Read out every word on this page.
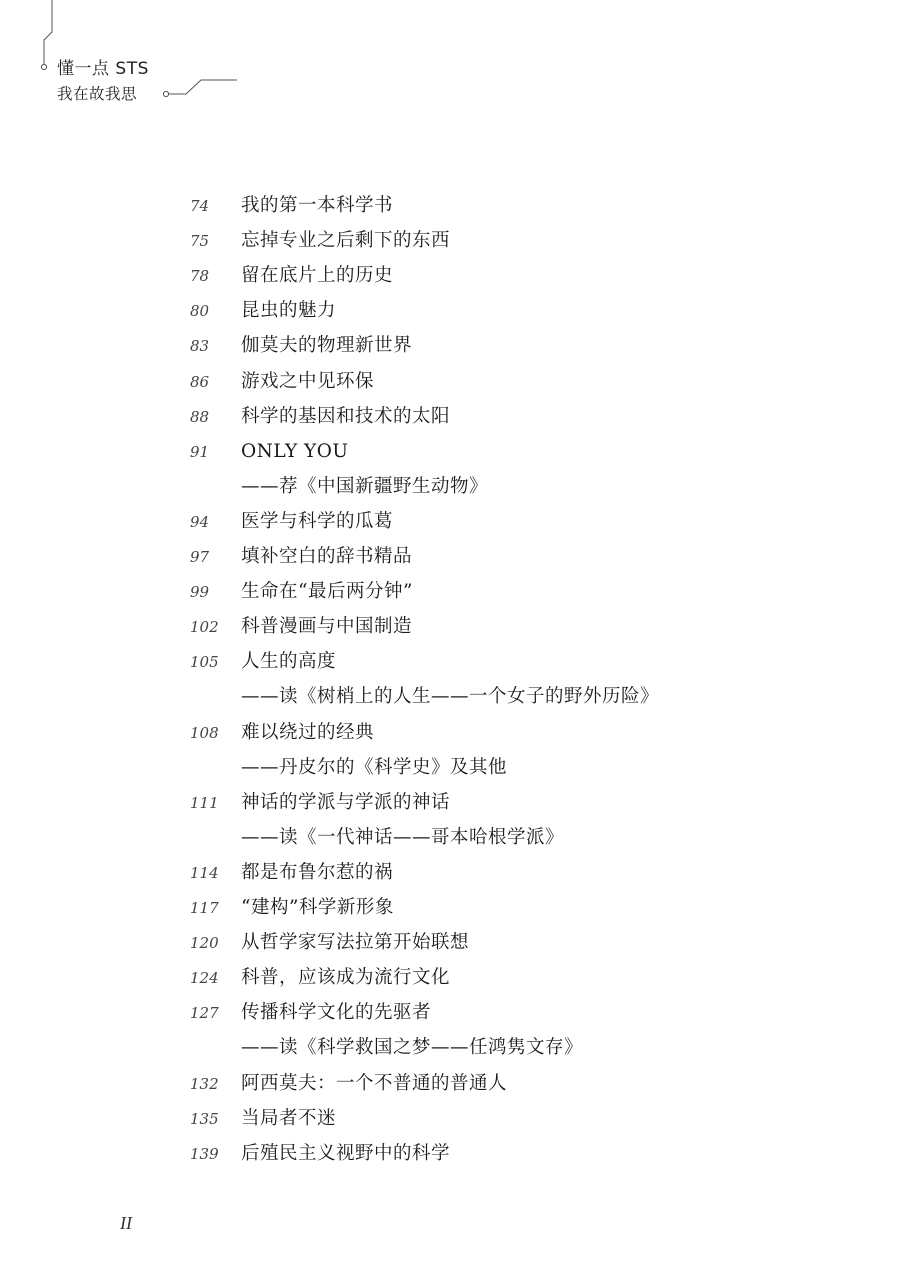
懂一点 STS
我在故我思
74 我的第一本科学书
75 忘掉专业之后剩下的东西
78 留在底片上的历史
80 昆虫的魅力
83 伽莫夫的物理新世界
86 游戏之中见环保
88 科学的基因和技术的太阳
91 ONLY YOU
——荐《中国新疆野生动物》
94 医学与科学的瓜葛
97 填补空白的辞书精品
99 生命在“最后两分钟”
102 科普漫画与中国制造
105 人生的高度
——读《树梢上的人生——一个女子的野外历险》
108 难以绕过的经典
——丹皮尔的《科学史》及其他
111 神话的学派与学派的神话
——读《一代神话——哥本哈根学派》
114 都是布鲁尔惹的祸
117 “建构”科学新形象
120 从哲学家写法拉第开始联想
124 科普，应该成为流行文化
127 传播科学文化的先驱者
——读《科学救国之梦——任鸿隽文存》
132 阿西莫夫：一个不普通的普通人
135 当局者不迷
139 后殖民主义视野中的科学
II
